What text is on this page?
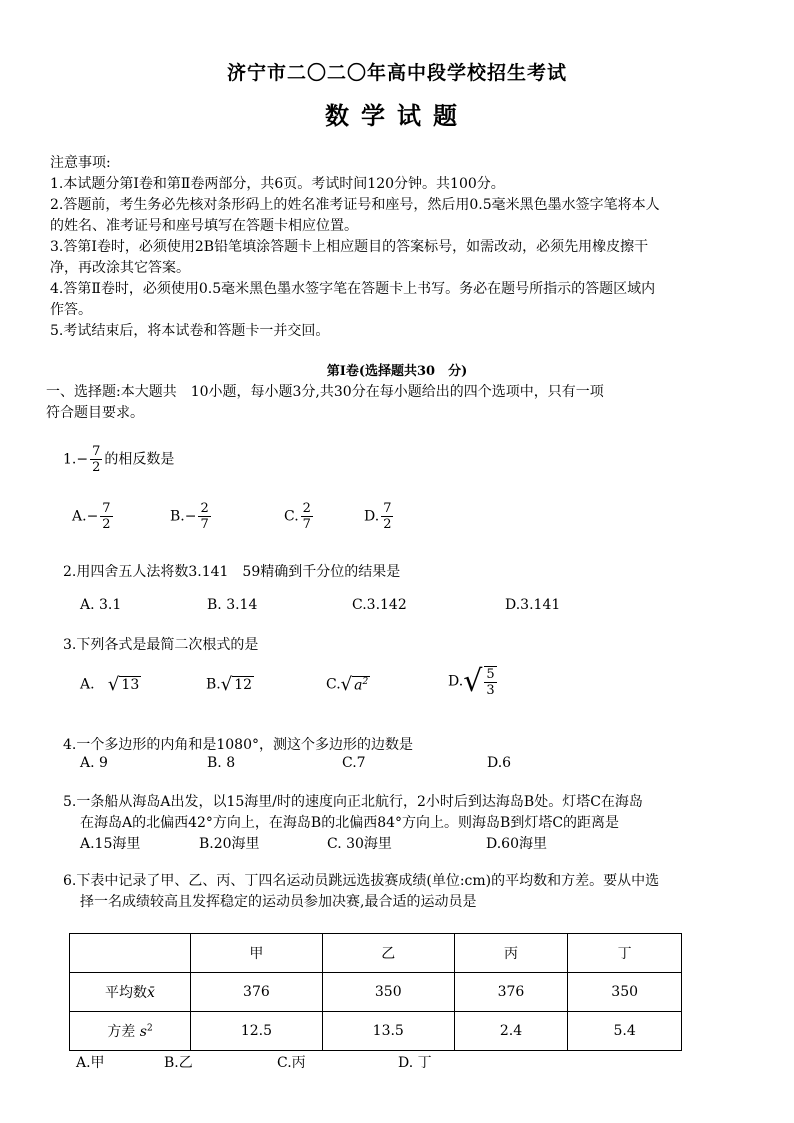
济宁市二〇二〇年高中段学校招生考试
数学试题
注意事项:
1.本试题分第Ⅰ卷和第Ⅱ卷两部分，共6页。考试时间120分钟。共100分。
2.答题前，考生务必先核对条形码上的姓名准考证号和座号，然后用0.5毫米黑色墨水签字笔将本人
的姓名、准考证号和座号填写在答题卡相应位置。
3.答第Ⅰ卷时，必须使用2B铅笔填涂答题卡上相应题目的答案标号，如需改动，必须先用橡皮擦干
净，再改涂其它答案。
4.答第Ⅱ卷时，必须使用0.5毫米黑色墨水签字笔在答题卡上书写。务必在题号所指示的答题区域内
作答。
5.考试结束后，将本试卷和答题卡一并交回。
第Ⅰ卷(选择题共30　分)
一、选择题:本大题共　10小题，每小题3分,共30分在每小题给出的四个选项中，只有一项
符合题目要求。
$1.- \frac{7}{2}$ 的相反数是
$A.- \frac{7}{2}$	$B.- \frac{2}{7}$	C. $\frac{2}{7}$	D. $\frac{7}{2}$
2.用四舍五人法将数3.141　59精确到千分位的结果是
A. 3.1	B. 3.14	C.3.142	D.3.141
3.下列各式是最简二次根式的是
A. √ 13	B. √ 12	C. √ $a^2$	D. √ $\frac{5}{3}$
4.一个多边形的内角和是1080°，测这个多边形的边数是
A. 9	B. 8	C.7	D.6
5.一条船从海岛A出发，以15海里/时的速度向正北航行，2小时后到达海岛B处。灯塔C在海岛
在海岛A的北偏西42°方向上，在海岛B的北偏西84°方向上。则海岛B到灯塔C的距离是
A.15海里	B.20海里	C. 30海里	D.60海里
6.下表中记录了甲、乙、丙、丁四名运动员跳远选拔赛成绩(单位:cm)的平均数和方差。要从中选
择一名成绩较高且发挥稳定的运动员参加决赛,最合适的运动员是
	甲	乙	丙	丁
平均数x̄	376	350	376	350
方差 $s^2$	12.5	13.5	2.4	5.4
A.甲	B.乙	C.丙	D. 丁
